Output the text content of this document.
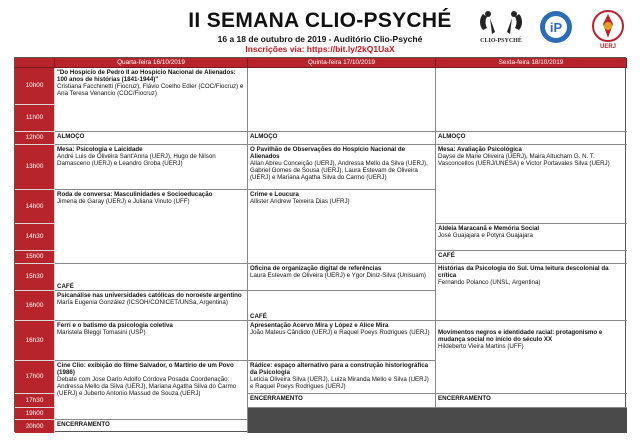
II SEMANA CLIO-PSYCHÉ
16 a 18 de outubro de 2019 - Auditório Clio-Psyché
Inscrições via: https://bit.ly/2kQ1UaX
CLIO-PSYCHÉ
iP
UERJ
Quarta-feira 16/10/2019	Quinta-feira 17/10/2019	Sexta-feira 18/10/2019
10h00
11h00
12h00
13h00
14h00
14h30
15h00
15h30
16h00
16h30
17h00
17h30
19h00
20h00

"Do Hospício de Pedro II ao Hospício Nacional de Alienados: 100 anos de histórias (1841-1944)"

Cristiana Facchinetti (Fiocruz), Flávio Coelho Edler (COC/Fiocruz) e Ana Teresa Venancio (COC/Fiocruz)

ALMOÇO

Mesa: Psicologia e Laicidade

André Luis de Oliveira Sant'Anna (UERJ), Hugo de Nilson Damasceno (UERJ) e Leandro Groba (UERJ)

Roda de conversa: Masculinidades e Socioeducação

Jimena de Garay (UERJ) e Juliana Vinuto (UFF)

CAFÉ

Psicanálise nas universidades católicas do noroeste argentino

María Eugenia González (ICSOH/CONICET/UNSa, Argentina)

Ferri e o batismo da psicologia coletiva

Maristela Bleggi Tomasini (USP)

Cine Clio: exibição do filme Salvador, o Martírio de um Povo (1986)

Debate com Jose Darío Adolfo Córdova Posada Coordenação: Andressa Mello da Silva (UERJ), Mariana Agatha Silva do Carmo (UERJ) e Juberto Antonio Massud de Souza (UERJ)

ENCERRAMENTO
ALMOÇO

O Pavilhão de Observações do Hospício Nacional de Alienados

Allan Abreu Conceição (UERJ), Andressa Mello da Silva (UERJ), Gabriel Gomes de Sousa (UERJ), Laura Estevam de Oliveira (UERJ) e Mariana Agatha Silva do Carmo (UERJ)

Crime e Loucura

Allister Andrew Teixeira Dias (UFRJ)

Oficina de organização digital de referências

Laura Estevam de Oliveira (UERJ) e Ygor Diniz-Silva (Unisuam)

CAFÉ

Apresentação Acervo Mira y López e Alice Mira

João Mateus Cândido (UERJ) e Raquel Poeys Rodrigues (UERJ)

Rádice: espaço alternativo para a construção historiográfica da Psicologia

Leticia Oliveira Silva (UERJ), Luiza Miranda Mello e Silva (UERJ) e Raquel Poeys Rodrigues (UERJ)

ENCERRAMENTO
ALMOÇO

Mesa: Avaliação Psicológica

Dayse de Marie Oliveira (UERJ), Maira Altucham G. N. T. Vasconcellos (UERJ/UNESA) e Victor Portavales Silva (UERJ)

Aldeia Maracanã e Memória Social

José Guajajara e Potyra Guajajara

CAFÉ

Histórias da Psicologia do Sul. Uma leitura descolonial da crítica

Fernando Polanco (UNSL, Argentina)

Movimentos negros e identidade racial: protagonismo e mudança social no início do século XX

Hildeberto Vieira Martins (UFF)

ENCERRAMENTO
